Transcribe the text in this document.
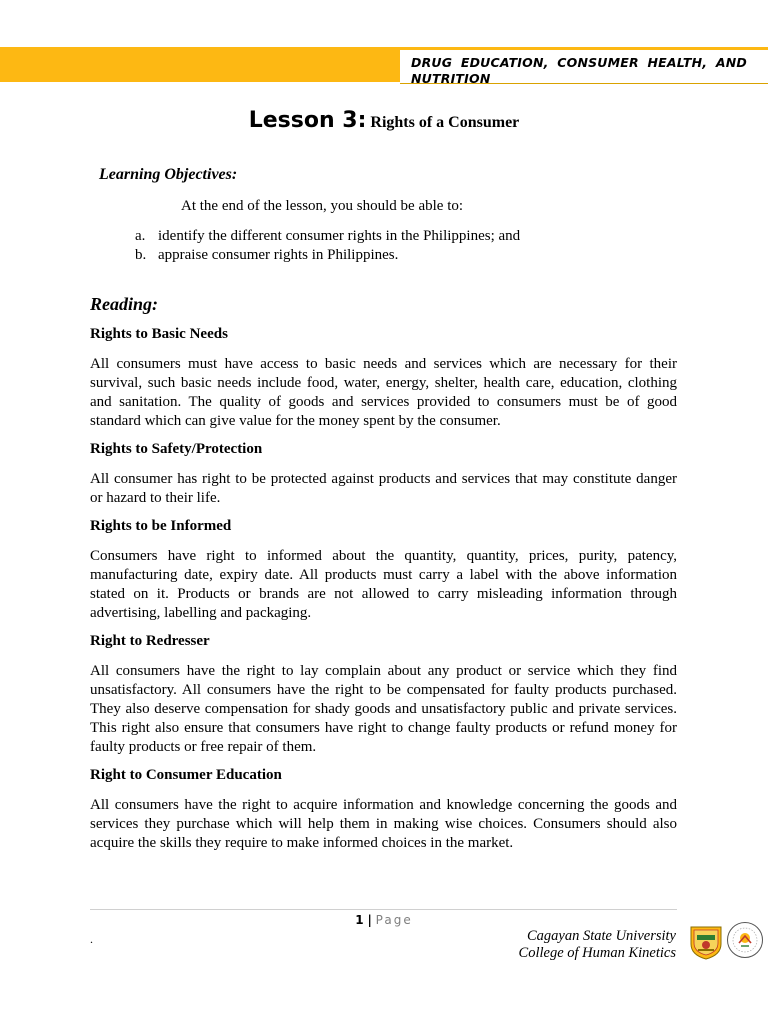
DRUG EDUCATION, CONSUMER HEALTH, AND NUTRITION
Lesson 3: Rights of a Consumer
Learning Objectives:
At the end of the lesson, you should be able to:
a. identify the different consumer rights in the Philippines; and
b. appraise consumer rights in Philippines.
Reading:
Rights to Basic Needs
All consumers must have access to basic needs and services which are necessary for their survival, such basic needs include food, water, energy, shelter, health care, education, clothing and sanitation. The quality of goods and services provided to consumers must be of good standard which can give value for the money spent by the consumer.
Rights to Safety/Protection
All consumer has right to be protected against products and services that may constitute danger or hazard to their life.
Rights to be Informed
Consumers have right to informed about the quantity, quantity, prices, purity, patency, manufacturing date, expiry date. All products must carry a label with the above information stated on it. Products or brands are not allowed to carry misleading information through advertising, labelling and packaging.
Right to Redresser
All consumers have the right to lay complain about any product or service which they find unsatisfactory. All consumers have the right to be compensated for faulty products purchased. They also deserve compensation for shady goods and unsatisfactory public and private services. This right also ensure that consumers have right to change faulty products or refund money for faulty products or free repair of them.
Right to Consumer Education
All consumers have the right to acquire information and knowledge concerning the goods and services they purchase which will help them in making wise choices. Consumers should also acquire the skills they require to make informed choices in the market.
1 | Page
.	Cagayan State University
College of Human Kinetics
